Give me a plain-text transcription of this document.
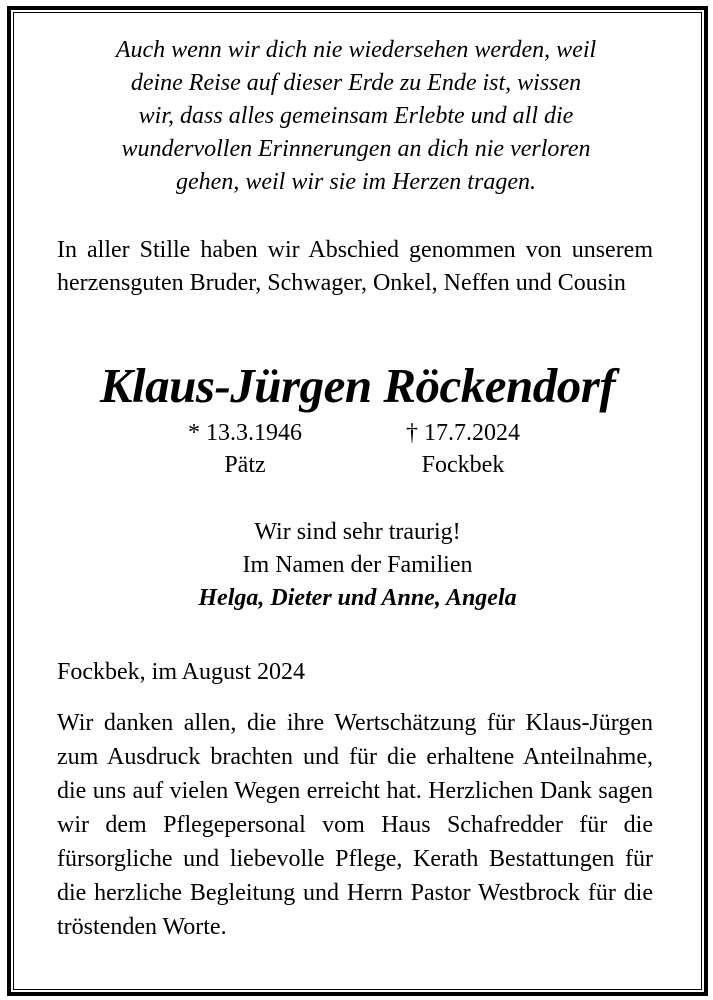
Auch wenn wir dich nie wiedersehen werden, weil
deine Reise auf dieser Erde zu Ende ist, wissen
wir, dass alles gemeinsam Erlebte und all die
wundervollen Erinnerungen an dich nie verloren
gehen, weil wir sie im Herzen tragen.
In aller Stille haben wir Abschied genommen von unserem herzensguten Bruder, Schwager, Onkel, Neffen und Cousin
Klaus-Jürgen Röckendorf
* 13.3.1946	† 17.7.2024
Pätz	Fockbek
Wir sind sehr traurig!
Im Namen der Familien
Helga, Dieter und Anne, Angela
Fockbek, im August 2024
Wir danken allen, die ihre Wertschätzung für Klaus-Jürgen zum Ausdruck brachten und für die erhaltene Anteilnahme, die uns auf vielen Wegen erreicht hat. Herzlichen Dank sagen wir dem Pflegepersonal vom Haus Schafredder für die fürsorgliche und liebevolle Pflege, Kerath Bestattungen für die herzliche Begleitung und Herrn Pastor Westbrock für die tröstenden Worte.
